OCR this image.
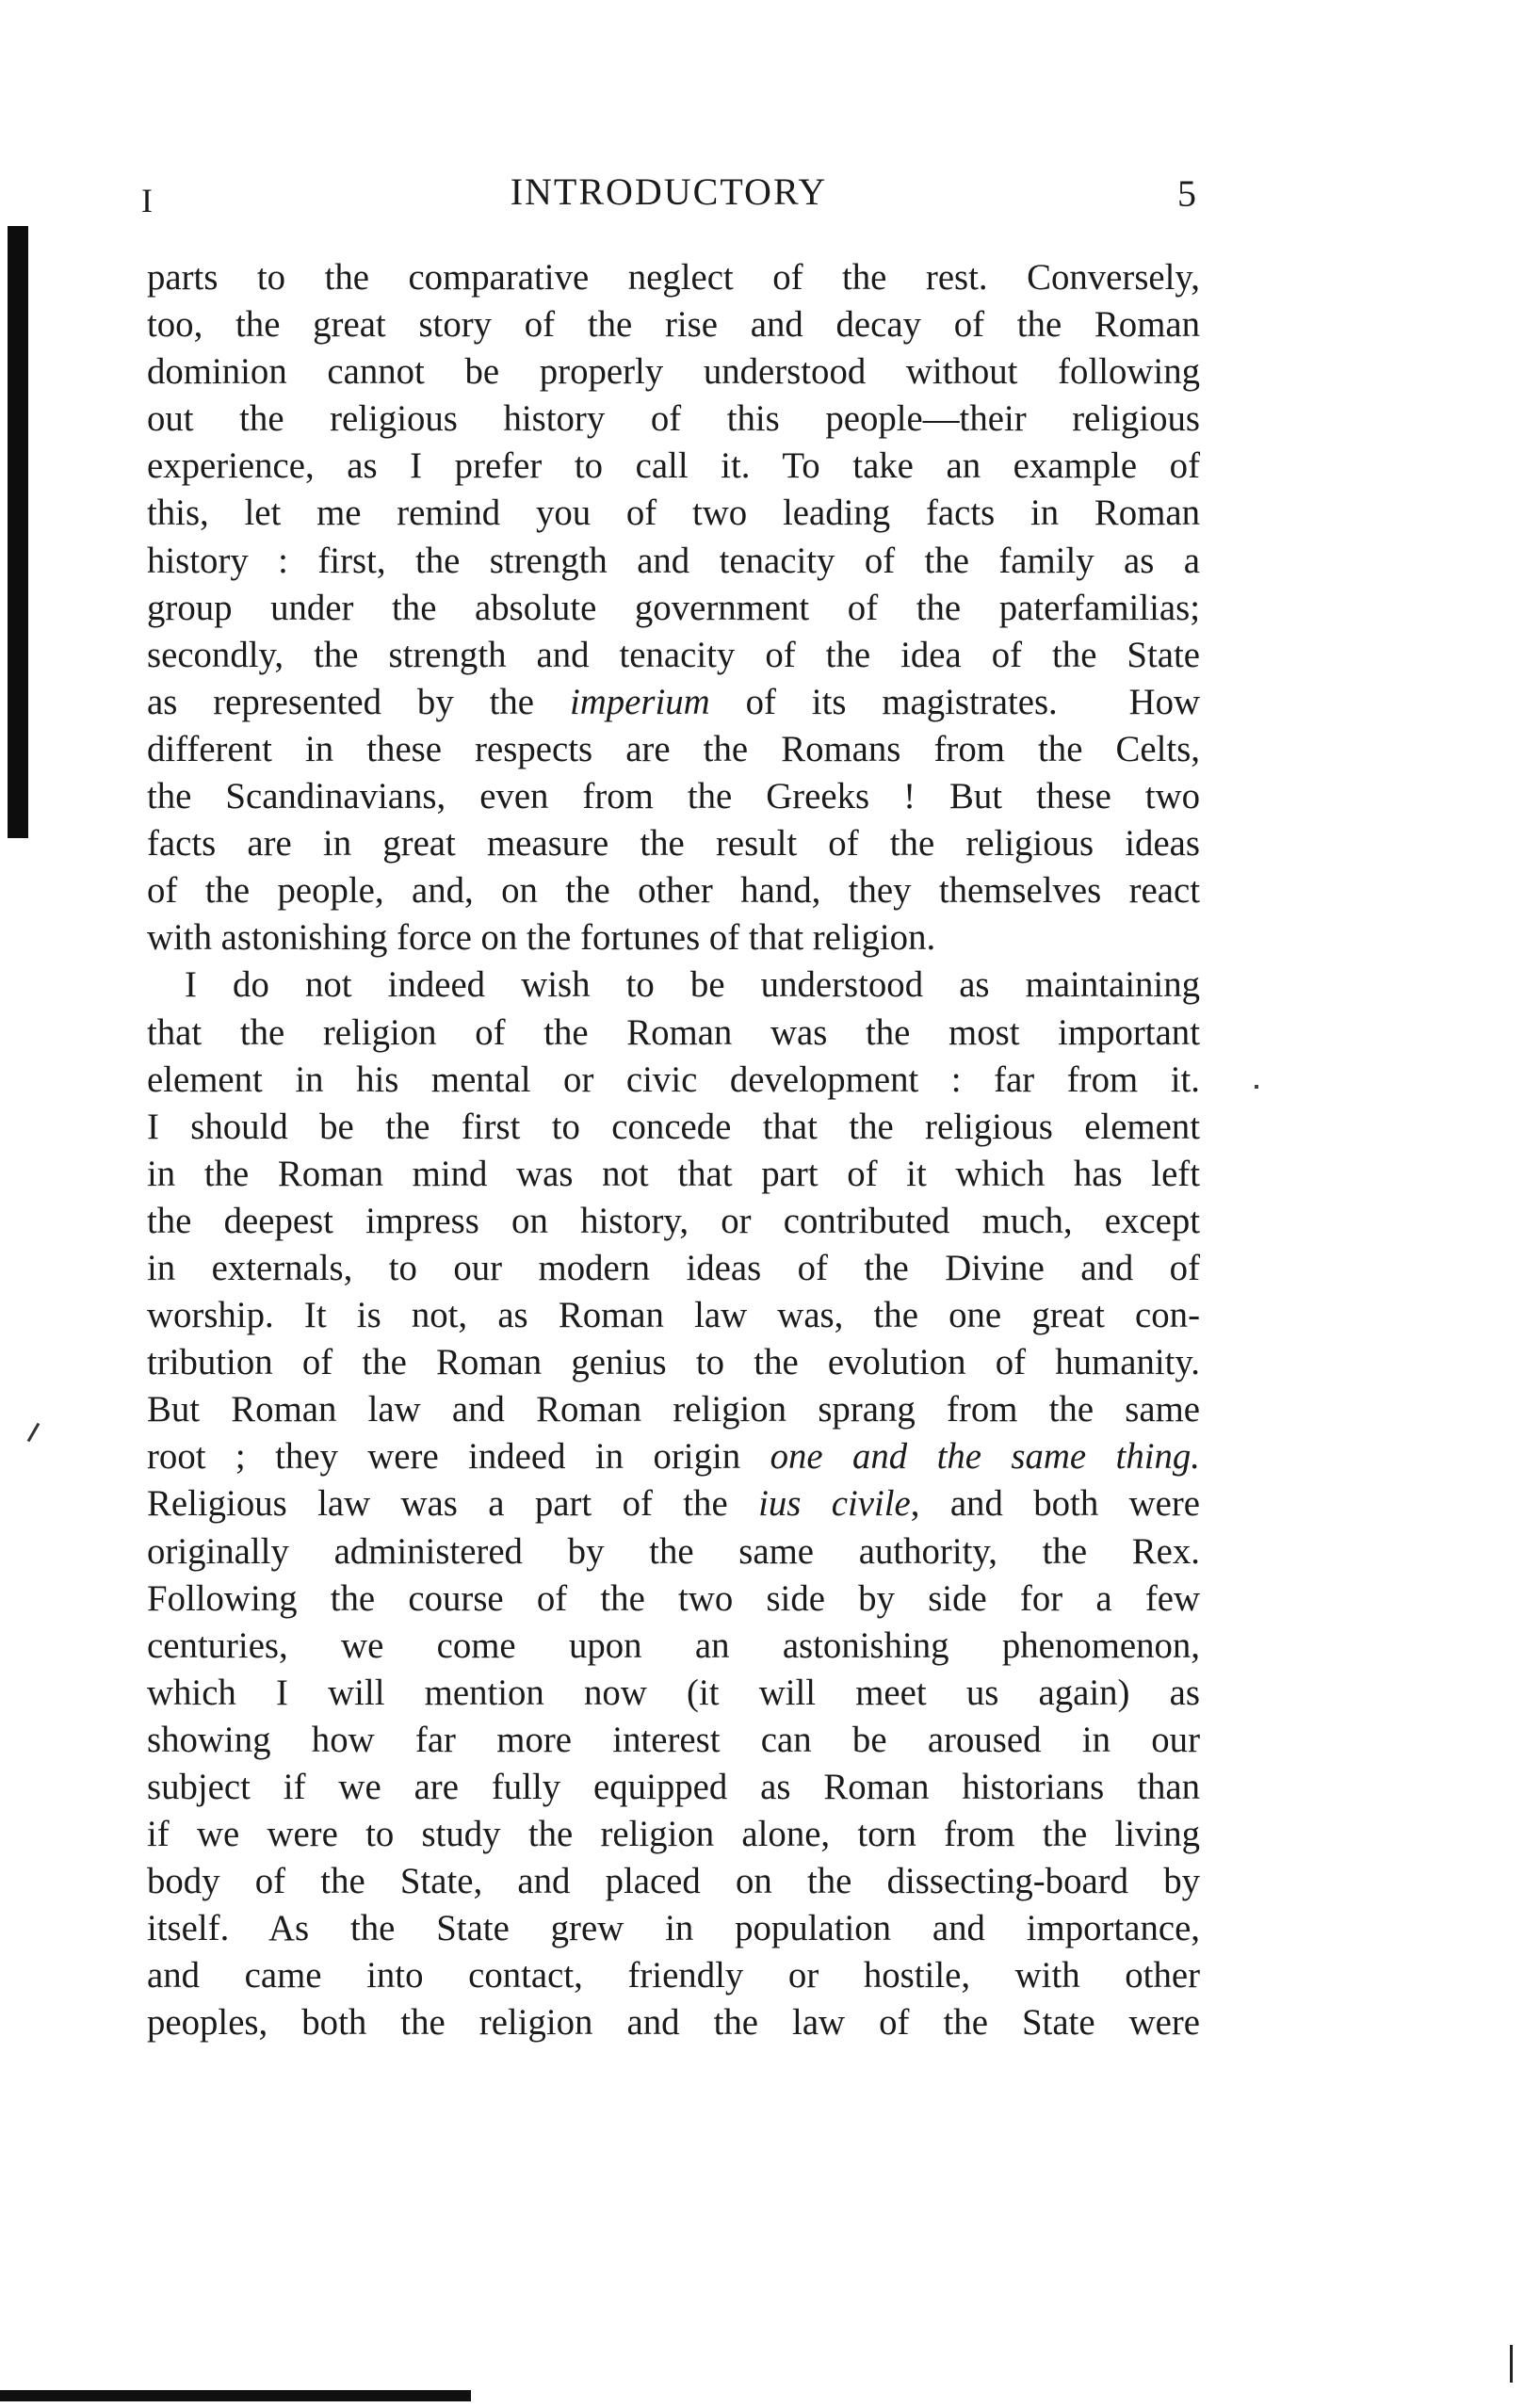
I	INTRODUCTORY	5
parts to the comparative neglect of the rest. Conversely,
too, the great story of the rise and decay of the Roman
dominion cannot be properly understood without following
out the religious history of this people—their religious
experience, as I prefer to call it. To take an example of
this, let me remind you of two leading facts in Roman
history : first, the strength and tenacity of the family as a
group under the absolute government of the paterfamilias;
secondly, the strength and tenacity of the idea of the State
as represented by the imperium of its magistrates.  How
different in these respects are the Romans from the Celts,
the Scandinavians, even from the Greeks ! But these two
facts are in great measure the result of the religious ideas
of the people, and, on the other hand, they themselves react
with astonishing force on the fortunes of that religion.
I do not indeed wish to be understood as maintaining
that the religion of the Roman was the most important
element in his mental or civic development : far from it.
I should be the first to concede that the religious element
in the Roman mind was not that part of it which has left
the deepest impress on history, or contributed much, except
in externals, to our modern ideas of the Divine and of
worship. It is not, as Roman law was, the one great con-
tribution of the Roman genius to the evolution of humanity.
But Roman law and Roman religion sprang from the same
root ; they were indeed in origin one and the same thing.
Religious law was a part of the ius civile, and both were
originally administered by the same authority, the Rex.
Following the course of the two side by side for a few
centuries, we come upon an astonishing phenomenon,
which I will mention now (it will meet us again) as
showing how far more interest can be aroused in our
subject if we are fully equipped as Roman historians than
if we were to study the religion alone, torn from the living
body of the State, and placed on the dissecting-board by
itself. As the State grew in population and importance,
and came into contact, friendly or hostile, with other
peoples, both the religion and the law of the State were
